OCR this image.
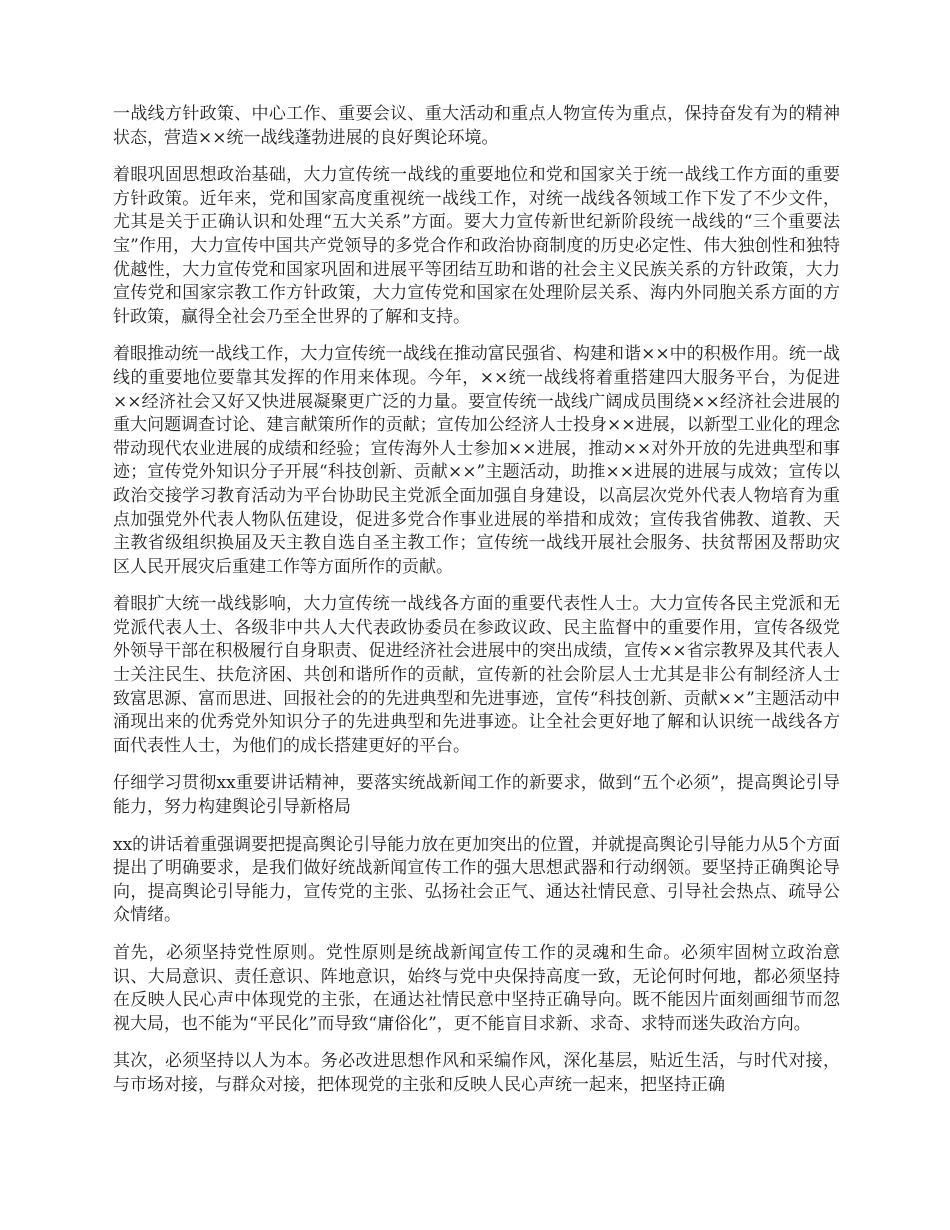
一战线方针政策、中心工作、重要会议、重大活动和重点人物宣传为重点，保持奋发有为的精神状态，营造××统一战线蓬勃进展的良好舆论环境。

着眼巩固思想政治基础，大力宣传统一战线的重要地位和党和国家关于统一战线工作方面的重要方针政策。近年来，党和国家高度重视统一战线工作，对统一战线各领域工作下发了不少文件，尤其是关于正确认识和处理“五大关系”方面。要大力宣传新世纪新阶段统一战线的“三个重要法宝”作用，大力宣传中国共产党领导的多党合作和政治协商制度的历史必定性、伟大独创性和独特优越性，大力宣传党和国家巩固和进展平等团结互助和谐的社会主义民族关系的方针政策，大力宣传党和国家宗教工作方针政策，大力宣传党和国家在处理阶层关系、海内外同胞关系方面的方针政策，赢得全社会乃至全世界的了解和支持。

着眼推动统一战线工作，大力宣传统一战线在推动富民强省、构建和谐××中的积极作用。统一战线的重要地位要靠其发挥的作用来体现。今年，××统一战线将着重搭建四大服务平台，为促进××经济社会又好又快进展凝聚更广泛的力量。要宣传统一战线广阔成员围绕××经济社会进展的重大问题调查讨论、建言献策所作的贡献；宣传加公经济人士投身××进展，以新型工业化的理念带动现代农业进展的成绩和经验；宣传海外人士参加××进展，推动××对外开放的先进典型和事迹；宣传党外知识分子开展“科技创新、贡献××”主题活动，助推××进展的进展与成效；宣传以政治交接学习教育活动为平台协助民主党派全面加强自身建设，以高层次党外代表人物培育为重点加强党外代表人物队伍建设，促进多党合作事业进展的举措和成效；宣传我省佛教、道教、天主教省级组织换届及天主教自选自圣主教工作；宣传统一战线开展社会服务、扶贫帮困及帮助灾区人民开展灾后重建工作等方面所作的贡献。

着眼扩大统一战线影响，大力宣传统一战线各方面的重要代表性人士。大力宣传各民主党派和无党派代表人士、各级非中共人大代表政协委员在参政议政、民主监督中的重要作用，宣传各级党外领导干部在积极履行自身职责、促进经济社会进展中的突出成绩，宣传××省宗教界及其代表人士关注民生、扶危济困、共创和谐所作的贡献，宣传新的社会阶层人士尤其是非公有制经济人士致富思源、富而思进、回报社会的的先进典型和先进事迹，宣传“科技创新、贡献××”主题活动中涌现出来的优秀党外知识分子的先进典型和先进事迹。让全社会更好地了解和认识统一战线各方面代表性人士，为他们的成长搭建更好的平台。

仔细学习贯彻xx重要讲话精神，要落实统战新闻工作的新要求，做到“五个必须”，提高舆论引导能力，努力构建舆论引导新格局

xx的讲话着重强调要把提高舆论引导能力放在更加突出的位置，并就提高舆论引导能力从5个方面提出了明确要求，是我们做好统战新闻宣传工作的强大思想武器和行动纲领。要坚持正确舆论导向，提高舆论引导能力，宣传党的主张、弘扬社会正气、通达社情民意、引导社会热点、疏导公众情绪。

首先，必须坚持党性原则。党性原则是统战新闻宣传工作的灵魂和生命。必须牢固树立政治意识、大局意识、责任意识、阵地意识，始终与党中央保持高度一致，无论何时何地，都必须坚持在反映人民心声中体现党的主张，在通达社情民意中坚持正确导向。既不能因片面刻画细节而忽视大局，也不能为“平民化”而导致“庸俗化”，更不能盲目求新、求奇、求特而迷失政治方向。

其次，必须坚持以人为本。务必改进思想作风和采编作风，深化基层，贴近生活，与时代对接，与市场对接，与群众对接，把体现党的主张和反映人民心声统一起来，把坚持正确
